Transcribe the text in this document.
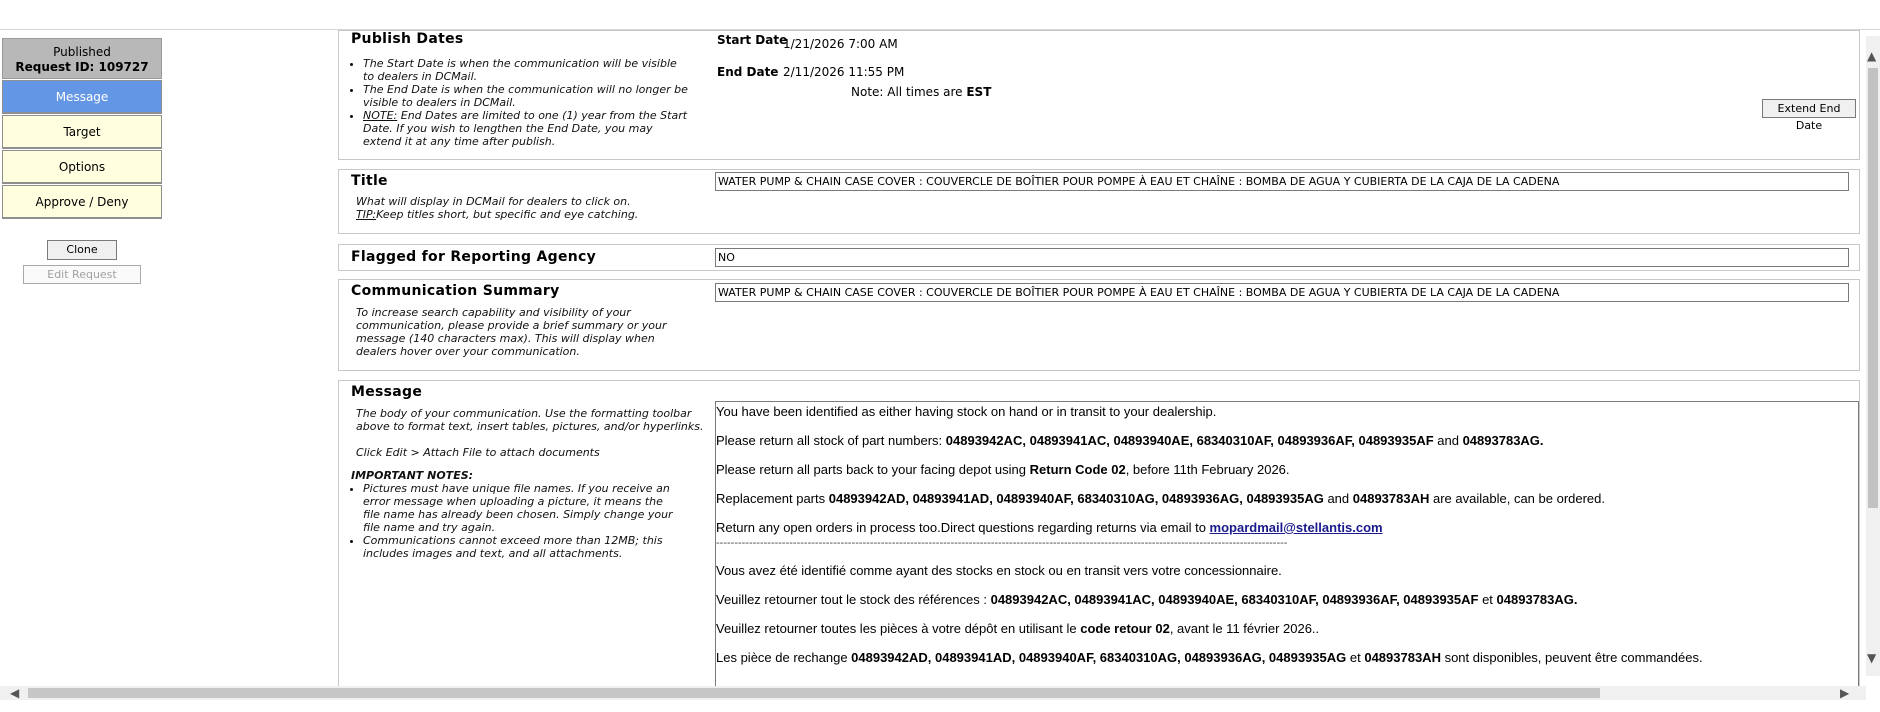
Published
Request ID: 109727
Message
Target
Options
Approve / Deny
Clone
Edit Request
Publish Dates
• The Start Date is when the communication will be visible to dealers in DCMail.
• The End Date is when the communication will no longer be visible to dealers in DCMail.
• NOTE: End Dates are limited to one (1) year from the Start Date. If you wish to lengthen the End Date, you may extend it at any time after publish.
Start Date
1/21/2026 7:00 AM
End Date 2/11/2026 11:55 PM
Note: All times are EST
Extend End Date
Title
What will display in DCMail for dealers to click on.
TIP:Keep titles short, but specific and eye catching.
WATER PUMP & CHAIN CASE COVER : COUVERCLE DE BOÎTIER POUR POMPE À EAU ET CHAÎNE : BOMBA DE AGUA Y CUBIERTA DE LA CAJA DE LA CADENA
Flagged for Reporting Agency	NO
Communication Summary
To increase search capability and visibility of your communication, please provide a brief summary or your message (140 characters max). This will display when dealers hover over your communication.
WATER PUMP & CHAIN CASE COVER : COUVERCLE DE BOÎTIER POUR POMPE À EAU ET CHAÎNE : BOMBA DE AGUA Y CUBIERTA DE LA CAJA DE LA CADENA
Message
The body of your communication. Use the formatting toolbar above to format text, insert tables, pictures, and/or hyperlinks.
Click Edit > Attach File to attach documents
IMPORTANT NOTES:
• Pictures must have unique file names. If you receive an error message when uploading a picture, it means the file name has already been chosen. Simply change your file name and try again.
• Communications cannot exceed more than 12MB; this includes images and text, and all attachments.

You have been identified as either having stock on hand or in transit to your dealership.

Please return all stock of part numbers: 04893942AC, 04893941AC, 04893940AE, 68340310AF, 04893936AF, 04893935AF and 04893783AG.

Please return all parts back to your facing depot using Return Code 02, before 11th February 2026.

Replacement parts 04893942AD, 04893941AD, 04893940AF, 68340310AG, 04893936AG, 04893935AG and 04893783AH are available, can be ordered.

Return any open orders in process too.Direct questions regarding returns via email to mopardmail@stellantis.com

------------------------------------------------------------------------------------------------------------------------------------------------------------

Vous avez été identifié comme ayant des stocks en stock ou en transit vers votre concessionnaire.

Veuillez retourner tout le stock des références : 04893942AC, 04893941AC, 04893940AE, 68340310AF, 04893936AF, 04893935AF et 04893783AG.

Veuillez retourner toutes les pièces à votre dépôt en utilisant le code retour 02, avant le 11 février 2026..

Les pièce de rechange 04893942AD, 04893941AD, 04893940AF, 68340310AG, 04893936AG, 04893935AG et 04893783AH sont disponibles, peuvent être commandées.

▲
▼
◀	▶
